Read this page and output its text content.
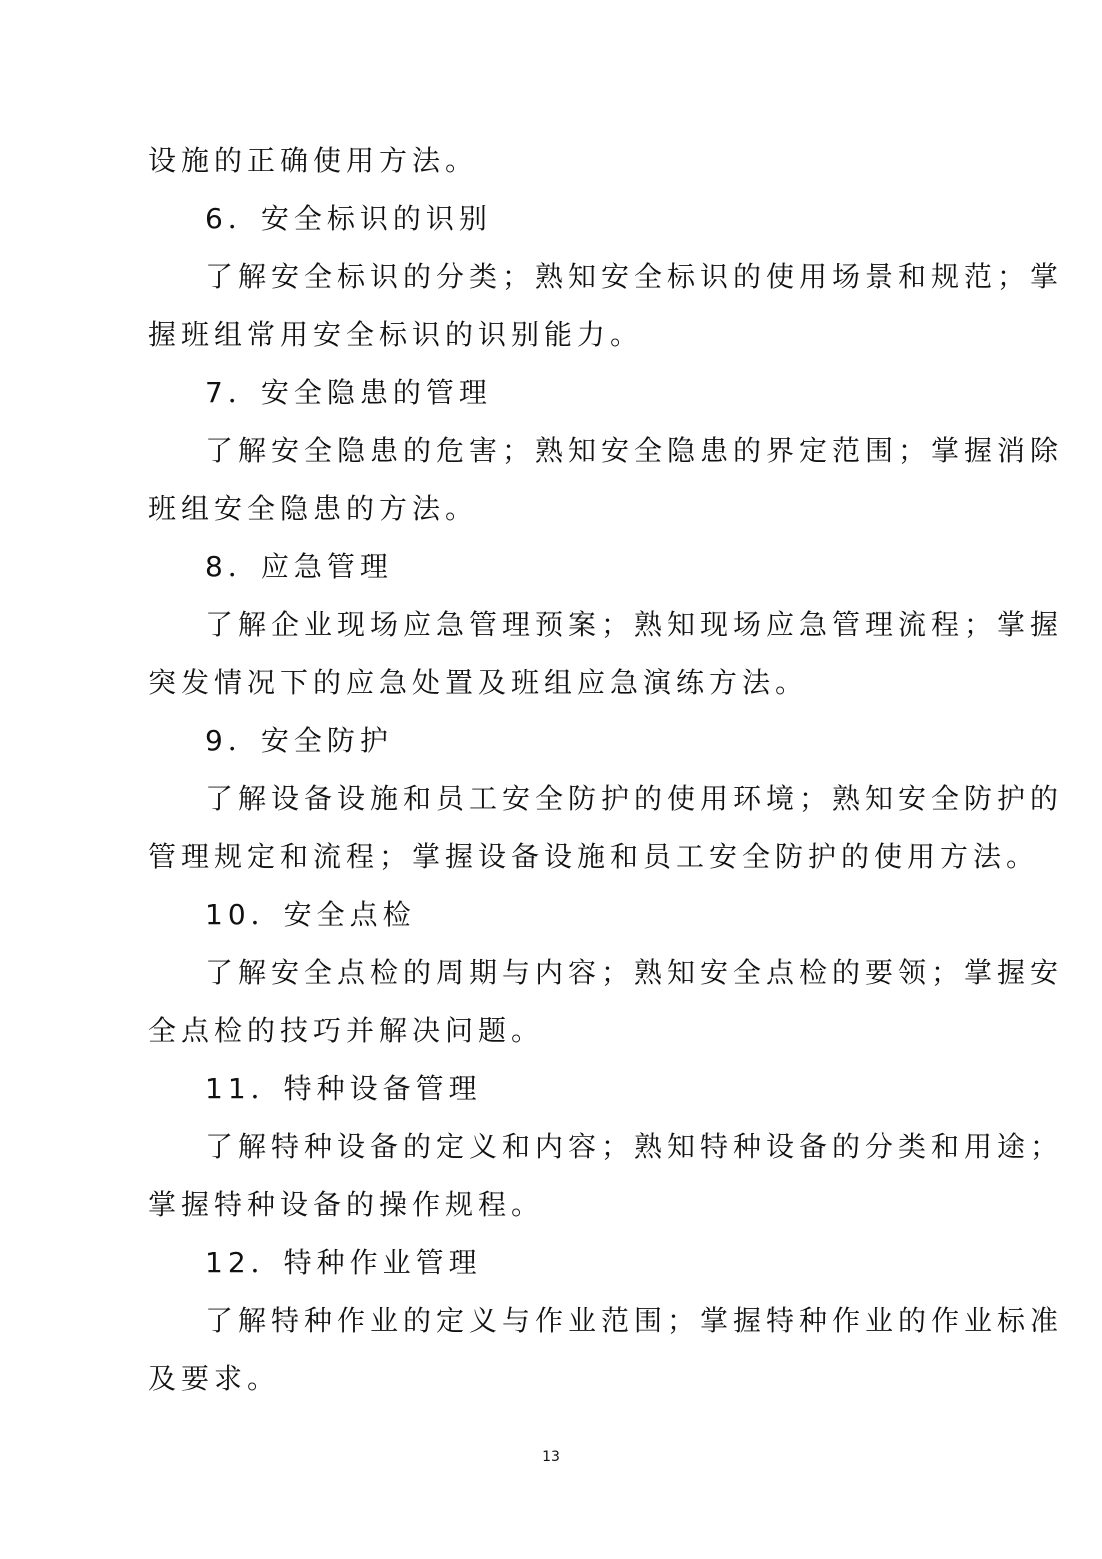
设施的正确使用方法。
6．安全标识的识别
了解安全标识的分类；熟知安全标识的使用场景和规范；掌
握班组常用安全标识的识别能力。
7．安全隐患的管理
了解安全隐患的危害；熟知安全隐患的界定范围；掌握消除
班组安全隐患的方法。
8．应急管理
了解企业现场应急管理预案；熟知现场应急管理流程；掌握
突发情况下的应急处置及班组应急演练方法。
9．安全防护
了解设备设施和员工安全防护的使用环境；熟知安全防护的
管理规定和流程；掌握设备设施和员工安全防护的使用方法。
10．安全点检
了解安全点检的周期与内容；熟知安全点检的要领；掌握安
全点检的技巧并解决问题。
11．特种设备管理
了解特种设备的定义和内容；熟知特种设备的分类和用途；
掌握特种设备的操作规程。
12．特种作业管理
了解特种作业的定义与作业范围；掌握特种作业的作业标准
及要求。
13
